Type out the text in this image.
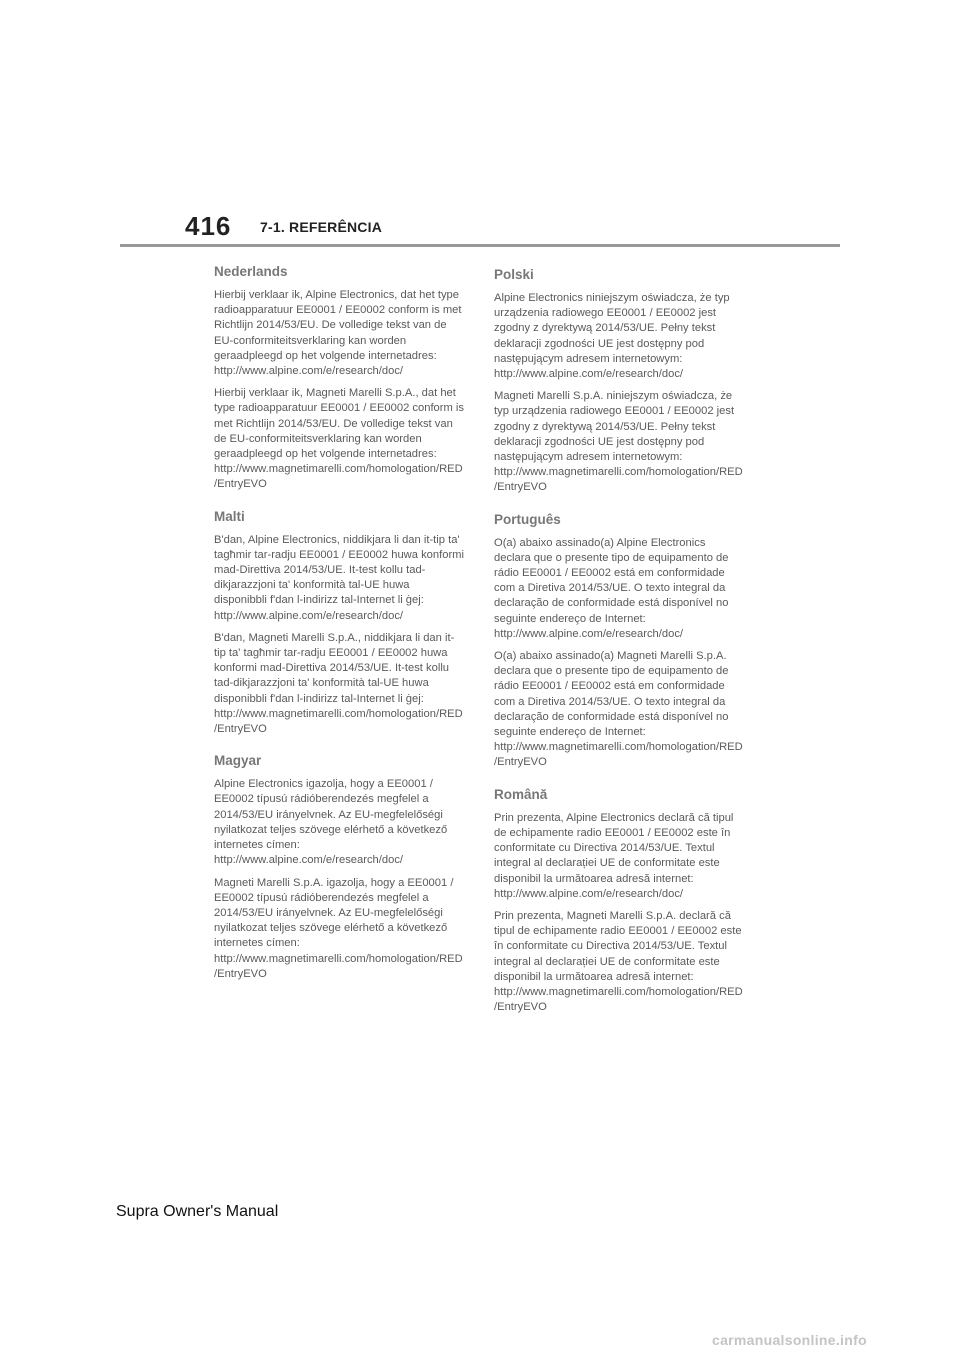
416 7-1. REFERÊNCIA
Nederlands

Hierbij verklaar ik, Alpine Electronics, dat het type radioapparatuur EE0001 / EE0002 conform is met Richtlijn 2014/53/EU. De volledige tekst van de EU-conformiteitsverklaring kan worden geraadpleegd op het volgende internetadres: http://www.alpine.com/e/research/doc/

Hierbij verklaar ik, Magneti Marelli S.p.A., dat het type radioapparatuur EE0001 / EE0002 conform is met Richtlijn 2014/53/EU. De volledige tekst van de EU-conformiteitsverklaring kan worden geraadpleegd op het volgende internetadres: http://www.magnetimarelli.com/homologation/RED/EntryEVO

Malti

B'dan, Alpine Electronics, niddikjara li dan it-tip ta' tagħmir tar-radju EE0001 / EE0002 huwa konformi mad-Direttiva 2014/53/UE. It-test kollu tad-dikjarazzjoni ta' konformità tal-UE huwa disponibbli f'dan l-indirizz tal-Internet li ġej: http://www.alpine.com/e/research/doc/

B'dan, Magneti Marelli S.p.A., niddikjara li dan it-tip ta' tagħmir tar-radju EE0001 / EE0002 huwa konformi mad-Direttiva 2014/53/UE. It-test kollu tad-dikjarazzjoni ta' konformità tal-UE huwa disponibbli f'dan l-indirizz tal-Internet li ġej: http://www.magnetimarelli.com/homologation/RED/EntryEVO

Magyar

Alpine Electronics igazolja, hogy a EE0001 / EE0002 típusú rádióberendezés megfelel a 2014/53/EU irányelvnek. Az EU-megfelelőségi nyilatkozat teljes szövege elérhető a következő internetes címen: http://www.alpine.com/e/research/doc/

Magneti Marelli S.p.A. igazolja, hogy a EE0001 / EE0002 típusú rádióberendezés megfelel a 2014/53/EU irányelvnek. Az EU-megfelelőségi nyilatkozat teljes szövege elérhető a következő internetes címen: http://www.magnetimarelli.com/homologation/RED/EntryEVO

Polski

Alpine Electronics niniejszym oświadcza, że typ urządzenia radiowego EE0001 / EE0002 jest zgodny z dyrektywą 2014/53/UE. Pełny tekst deklaracji zgodności UE jest dostępny pod następującym adresem internetowym: http://www.alpine.com/e/research/doc/

Magneti Marelli S.p.A. niniejszym oświadcza, że typ urządzenia radiowego EE0001 / EE0002 jest zgodny z dyrektywą 2014/53/UE. Pełny tekst deklaracji zgodności UE jest dostępny pod następującym adresem internetowym: http://www.magnetimarelli.com/homologation/RED/EntryEVO

Português

O(a) abaixo assinado(a) Alpine Electronics declara que o presente tipo de equipamento de rádio EE0001 / EE0002 está em conformidade com a Diretiva 2014/53/UE. O texto integral da declaração de conformidade está disponível no seguinte endereço de Internet: http://www.alpine.com/e/research/doc/

O(a) abaixo assinado(a) Magneti Marelli S.p.A. declara que o presente tipo de equipamento de rádio EE0001 / EE0002 está em conformidade com a Diretiva 2014/53/UE. O texto integral da declaração de conformidade está disponível no seguinte endereço de Internet: http://www.magnetimarelli.com/homologation/RED/EntryEVO

Română

Prin prezenta, Alpine Electronics declară că tipul de echipamente radio EE0001 / EE0002 este în conformitate cu Directiva 2014/53/UE. Textul integral al declarației UE de conformitate este disponibil la următoarea adresă internet: http://www.alpine.com/e/research/doc/

Prin prezenta, Magneti Marelli S.p.A. declară că tipul de echipamente radio EE0001 / EE0002 este în conformitate cu Directiva 2014/53/UE. Textul integral al declarației UE de conformitate este disponibil la următoarea adresă internet: http://www.magnetimarelli.com/homologation/RED/EntryEVO

Supra Owner's Manual
carmanualsonline.info
